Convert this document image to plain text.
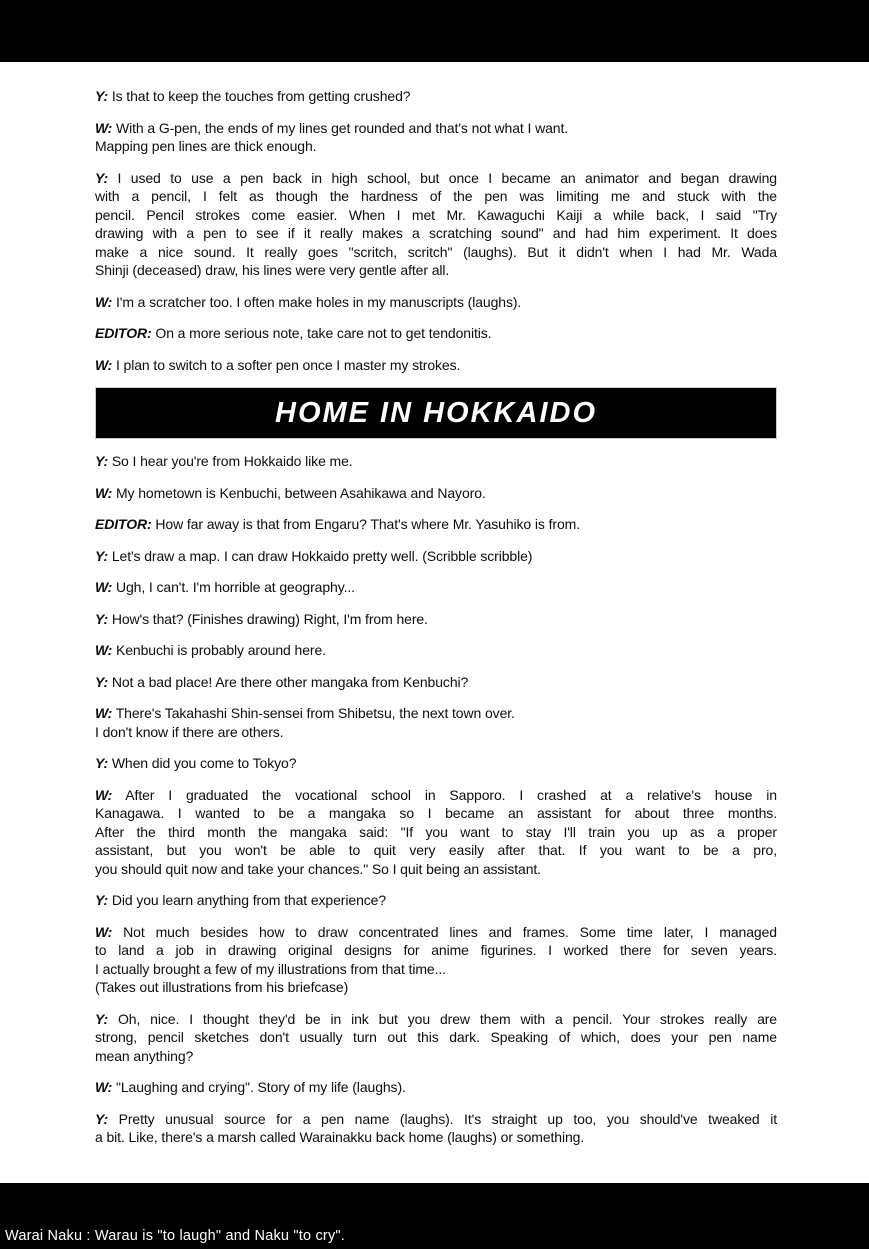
Y: Is that to keep the touches from getting crushed?
W: With a G-pen, the ends of my lines get rounded and that's not what I want.
Mapping pen lines are thick enough.
Y: I used to use a pen back in high school, but once I became an animator and began drawing
with a pencil, I felt as though the hardness of the pen was limiting me and stuck with the
pencil. Pencil strokes come easier. When I met Mr. Kawaguchi Kaiji a while back, I said "Try
drawing with a pen to see if it really makes a scratching sound" and had him experiment. It does
make a nice sound. It really goes "scritch, scritch" (laughs). But it didn't when I had Mr. Wada
Shinji (deceased) draw, his lines were very gentle after all.
W: I'm a scratcher too. I often make holes in my manuscripts (laughs).
EDITOR: On a more serious note, take care not to get tendonitis.
W: I plan to switch to a softer pen once I master my strokes.
HOME IN HOKKAIDO
Y: So I hear you're from Hokkaido like me.
W: My hometown is Kenbuchi, between Asahikawa and Nayoro.
EDITOR: How far away is that from Engaru? That's where Mr. Yasuhiko is from.
Y: Let's draw a map. I can draw Hokkaido pretty well. (Scribble scribble)
W: Ugh, I can't. I'm horrible at geography...
Y: How's that? (Finishes drawing) Right, I'm from here.
W: Kenbuchi is probably around here.
Y: Not a bad place! Are there other mangaka from Kenbuchi?
W: There's Takahashi Shin-sensei from Shibetsu, the next town over.
I don't know if there are others.
Y: When did you come to Tokyo?
W: After I graduated the vocational school in Sapporo. I crashed at a relative's house in
Kanagawa. I wanted to be a mangaka so I became an assistant for about three months.
After the third month the mangaka said: "If you want to stay I'll train you up as a proper
assistant, but you won't be able to quit very easily after that. If you want to be a pro,
you should quit now and take your chances." So I quit being an assistant.
Y: Did you learn anything from that experience?
W: Not much besides how to draw concentrated lines and frames. Some time later, I managed
to land a job in drawing original designs for anime figurines. I worked there for seven years.
I actually brought a few of my illustrations from that time...
(Takes out illustrations from his briefcase)
Y: Oh, nice. I thought they'd be in ink but you drew them with a pencil. Your strokes really are
strong, pencil sketches don't usually turn out this dark. Speaking of which, does your pen name
mean anything?
W: "Laughing and crying". Story of my life (laughs).
Y: Pretty unusual source for a pen name (laughs). It's straight up too, you should've tweaked it
a bit. Like, there's a marsh called Warainakku back home (laughs) or something.
Warai Naku : Warau is "to laugh" and Naku "to cry".
